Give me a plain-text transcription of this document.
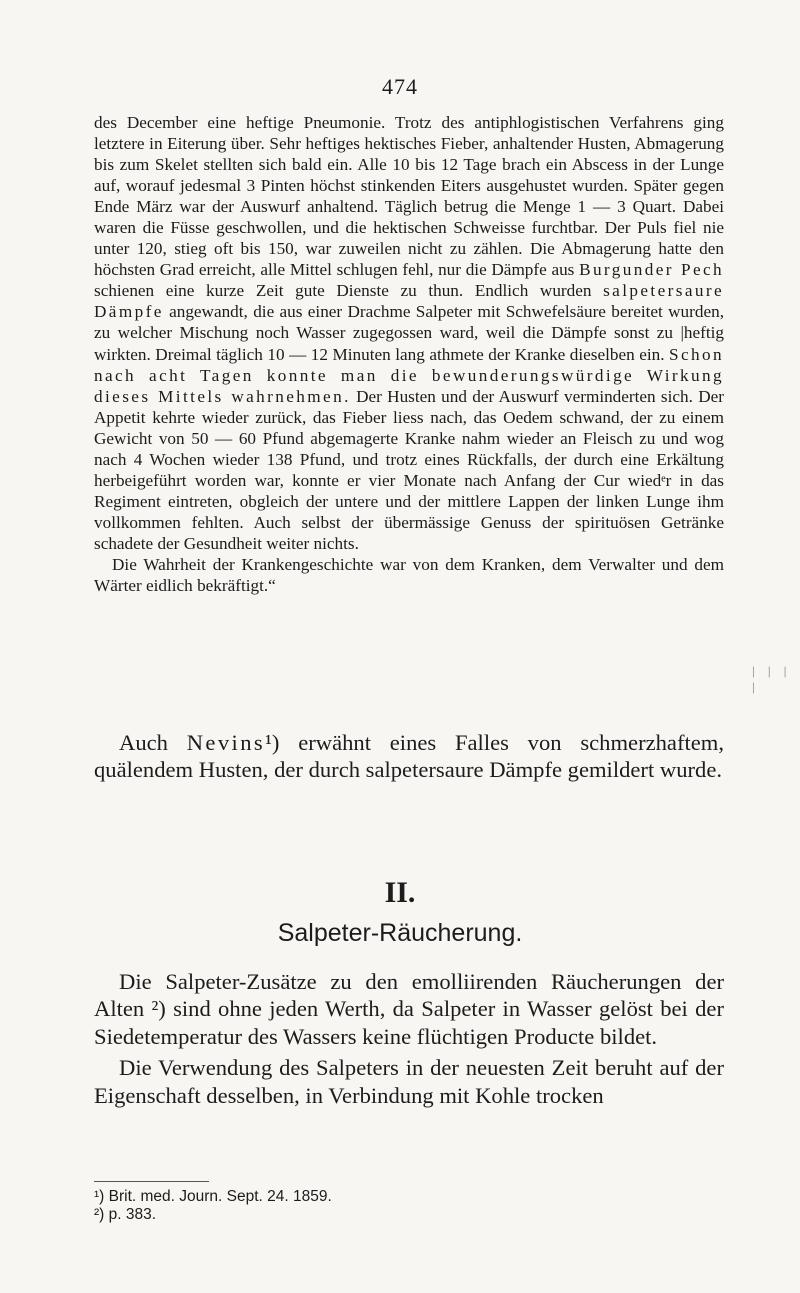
474

des December eine heftige Pneumonie. Trotz des antiphlogistischen Verfahrens ging letztere in Eiterung über. Sehr heftiges hektisches Fieber, anhaltender Husten, Abmagerung bis zum Skelet stellten sich bald ein. Alle 10 bis 12 Tage brach ein Abscess in der Lunge auf, worauf jedesmal 3 Pinten höchst stinkenden Eiters ausgehustet wurden. Später gegen Ende März war der Auswurf anhaltend. Täglich betrug die Menge 1 — 3 Quart. Dabei waren die Füsse geschwollen, und die hektischen Schweisse furchtbar. Der Puls fiel nie unter 120, stieg oft bis 150, war zuweilen nicht zu zählen. Die Abmagerung hatte den höchsten Grad erreicht, alle Mittel schlugen fehl, nur die Dämpfe aus Burgunder Pech schienen eine kurze Zeit gute Dienste zu thun. Endlich wurden salpetersaure Dämpfe angewandt, die aus einer Drachme Salpeter mit Schwefelsäure bereitet wurden, zu welcher Mischung noch Wasser zugegossen ward, weil die Dämpfe sonst zu |heftig wirkten. Dreimal täglich 10 — 12 Minuten lang athmete der Kranke dieselben ein. Schon nach acht Tagen konnte man die bewunderungswürdige Wirkung dieses Mittels wahrnehmen. Der Husten und der Auswurf verminderten sich. Der Appetit kehrte wieder zurück, das Fieber liess nach, das Oedem schwand, der zu einem Gewicht von 50 — 60 Pfund abgemagerte Kranke nahm wieder an Fleisch zu und wog nach 4 Wochen wieder 138 Pfund, und trotz eines Rückfalls, der durch eine Erkältung herbeigeführt worden war, konnte er vier Monate nach Anfang der Cur wiedᵉr in das Regiment eintreten, obgleich der untere und der mittlere Lappen der linken Lunge ihm vollkommen fehlten. Auch selbst der übermässige Genuss der spirituösen Getränke schadete der Gesundheit weiter nichts.

Die Wahrheit der Krankengeschichte war von dem Kranken, dem Verwalter und dem Wärter eidlich bekräftigt.“

Auch Nevins¹) erwähnt eines Falles von schmerzhaftem, quälendem Husten, der durch salpetersaure Dämpfe gemildert wurde.

II.
Salpeter-Räucherung.

Die Salpeter-Zusätze zu den emolliirenden Räucherungen der Alten ²) sind ohne jeden Werth, da Salpeter in Wasser gelöst bei der Siedetemperatur des Wassers keine flüchtigen Producte bildet.

Die Verwendung des Salpeters in der neuesten Zeit beruht auf der Eigenschaft desselben, in Verbindung mit Kohle trocken

¹) Brit. med. Journ. Sept. 24. 1859.

²) p. 383.

| | | |
